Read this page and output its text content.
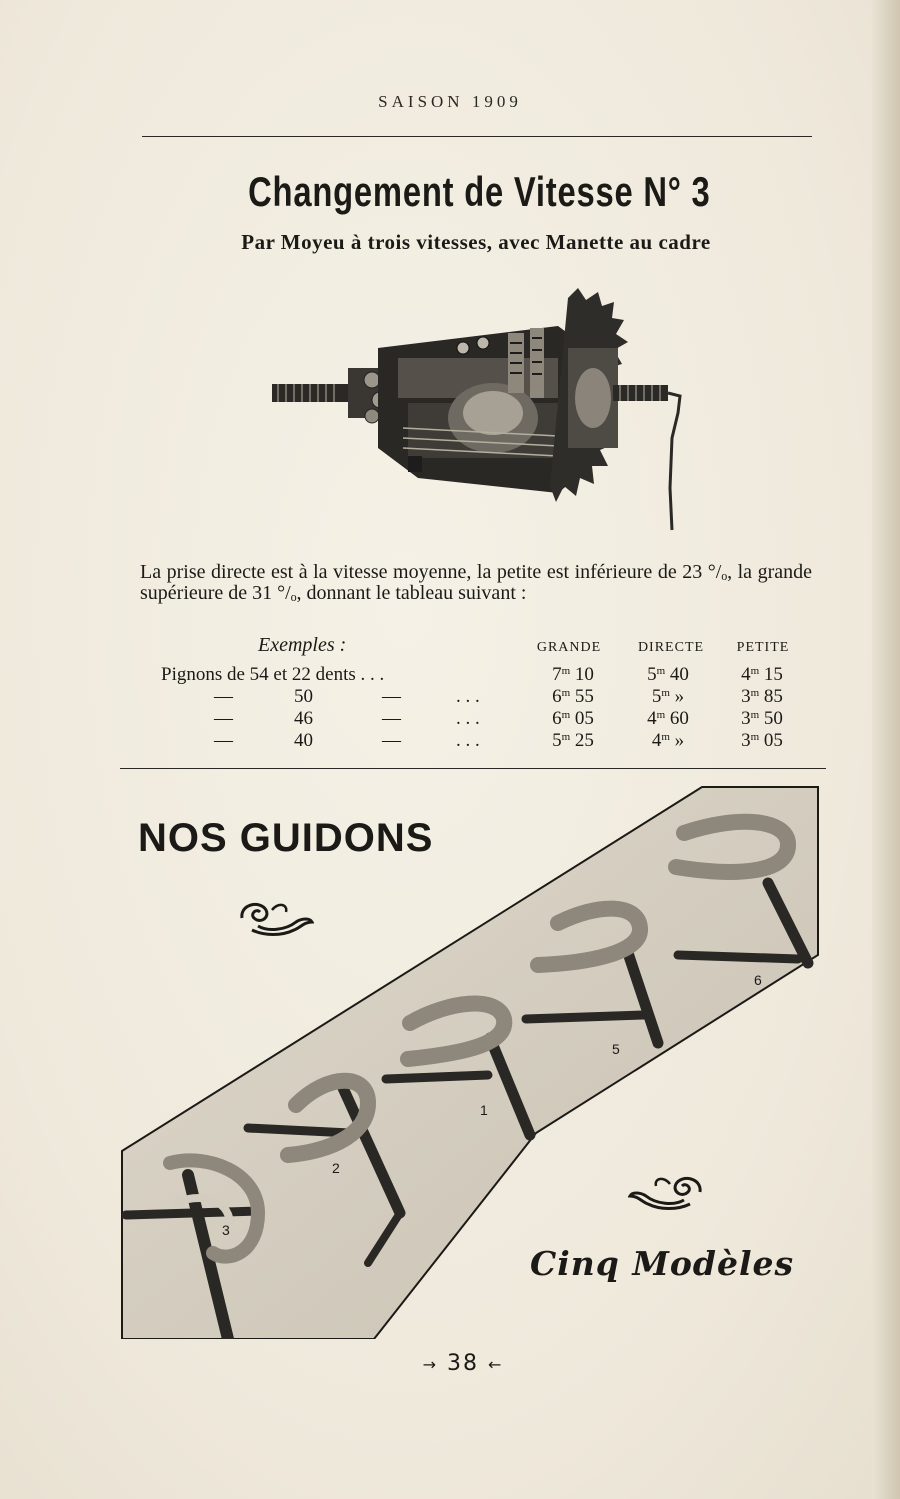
SAISON 1909
Changement de Vitesse N° 3
Par Moyeu à trois vitesses, avec Manette au cadre
La prise directe est à la vitesse moyenne, la petite est inférieure de 23 °/ₒ, la grande supérieure de 31 °/ₒ, donnant le tableau suivant :
Exemples :	GRANDE	DIRECTE	PETITE
Pignons de 54 et 22 dents . . .	7$^m$ 10	5$^m$ 40	4$^m$ 15
—	50	—	. . .	6$^m$ 55	5$^m$ »	3$^m$ 85
—	46	—	. . .	6$^m$ 05	4$^m$ 60	3$^m$ 50
—	40	—	. . .	5$^m$ 25	4$^m$ »	3$^m$ 05
NOS GUIDONS
3
2
1
5
6
Cinq Modèles
→ 38 ←
